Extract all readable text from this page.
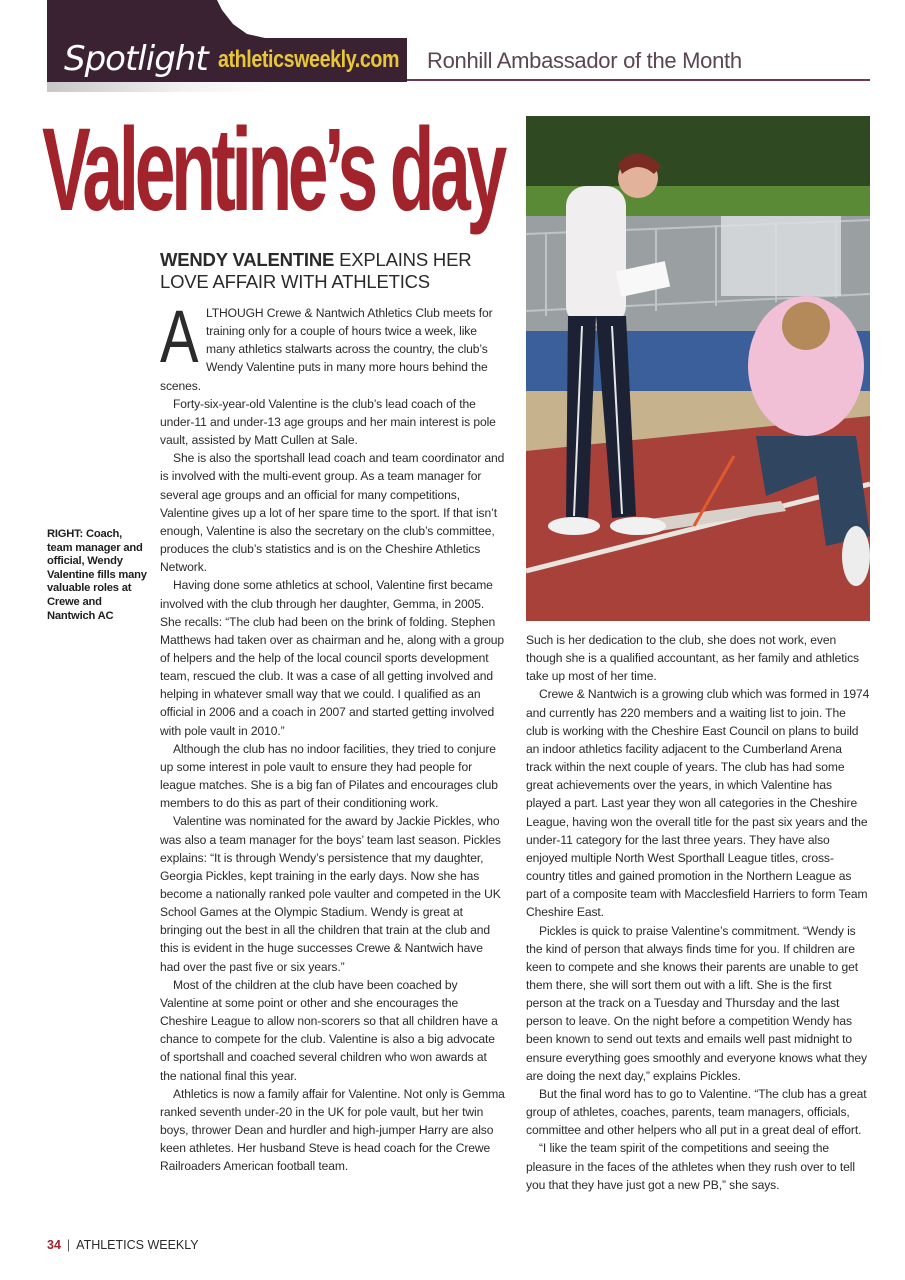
Spotlight athleticsweekly.com Ronhill Ambassador of the Month
Valentine’s day
WENDY VALENTINE EXPLAINS HER LOVE AFFAIR WITH ATHLETICS
RIGHT: Coach, team manager and official, Wendy Valentine fills many valuable roles at Crewe and Nantwich AC
A LTHOUGH Crewe & Nantwich Athletics Club meets for training only for a couple of hours twice a week, like many athletics stalwarts across the country, the club’s Wendy Valentine puts in many more hours behind the scenes.

Forty-six-year-old Valentine is the club’s lead coach of the under-11 and under-13 age groups and her main interest is pole vault, assisted by Matt Cullen at Sale.

She is also the sportshall lead coach and team coordinator and is involved with the multi-event group. As a team manager for several age groups and an official for many competitions, Valentine gives up a lot of her spare time to the sport. If that isn’t enough, Valentine is also the secretary on the club’s committee, produces the club’s statistics and is on the Cheshire Athletics Network.

Having done some athletics at school, Valentine first became involved with the club through her daughter, Gemma, in 2005. She recalls: “The club had been on the brink of folding. Stephen Matthews had taken over as chairman and he, along with a group of helpers and the help of the local council sports development team, rescued the club. It was a case of all getting involved and helping in whatever small way that we could. I qualified as an official in 2006 and a coach in 2007 and started getting involved with pole vault in 2010.”

Although the club has no indoor facilities, they tried to conjure up some interest in pole vault to ensure they had people for league matches. She is a big fan of Pilates and encourages club members to do this as part of their conditioning work.

Valentine was nominated for the award by Jackie Pickles, who was also a team manager for the boys’ team last season. Pickles explains: “It is through Wendy’s persistence that my daughter, Georgia Pickles, kept training in the early days. Now she has become a nationally ranked pole vaulter and competed in the UK School Games at the Olympic Stadium. Wendy is great at bringing out the best in all the children that train at the club and this is evident in the huge successes Crewe & Nantwich have had over the past five or six years.”

Most of the children at the club have been coached by Valentine at some point or other and she encourages the Cheshire League to allow non-scorers so that all children have a chance to compete for the club. Valentine is also a big advocate of sportshall and coached several children who won awards at the national final this year.

Athletics is now a family affair for Valentine. Not only is Gemma ranked seventh under-20 in the UK for pole vault, but her twin boys, thrower Dean and hurdler and high-jumper Harry are also keen athletes. Her husband Steve is head coach for the Crewe Railroaders American football team.

Such is her dedication to the club, she does not work, even though she is a qualified accountant, as her family and athletics take up most of her time.

Crewe & Nantwich is a growing club which was formed in 1974 and currently has 220 members and a waiting list to join. The club is working with the Cheshire East Council on plans to build an indoor athletics facility adjacent to the Cumberland Arena track within the next couple of years. The club has had some great achievements over the years, in which Valentine has played a part. Last year they won all categories in the Cheshire League, having won the overall title for the past six years and the under-11 category for the last three years. They have also enjoyed multiple North West Sporthall League titles, cross-country titles and gained promotion in the Northern League as part of a composite team with Macclesfield Harriers to form Team Cheshire East.

Pickles is quick to praise Valentine’s commitment. “Wendy is the kind of person that always finds time for you. If children are keen to compete and she knows their parents are unable to get them there, she will sort them out with a lift. She is the first person at the track on a Tuesday and Thursday and the last person to leave. On the night before a competition Wendy has been known to send out texts and emails well past midnight to ensure everything goes smoothly and everyone knows what they are doing the next day,” explains Pickles.

But the final word has to go to Valentine. “The club has a great group of athletes, coaches, parents, team managers, officials, committee and other helpers who all put in a great deal of effort.

“I like the team spirit of the competitions and seeing the pleasure in the faces of the athletes when they rush over to tell you that they have just got a new PB,” she says.

34 | ATHLETICS WEEKLY
